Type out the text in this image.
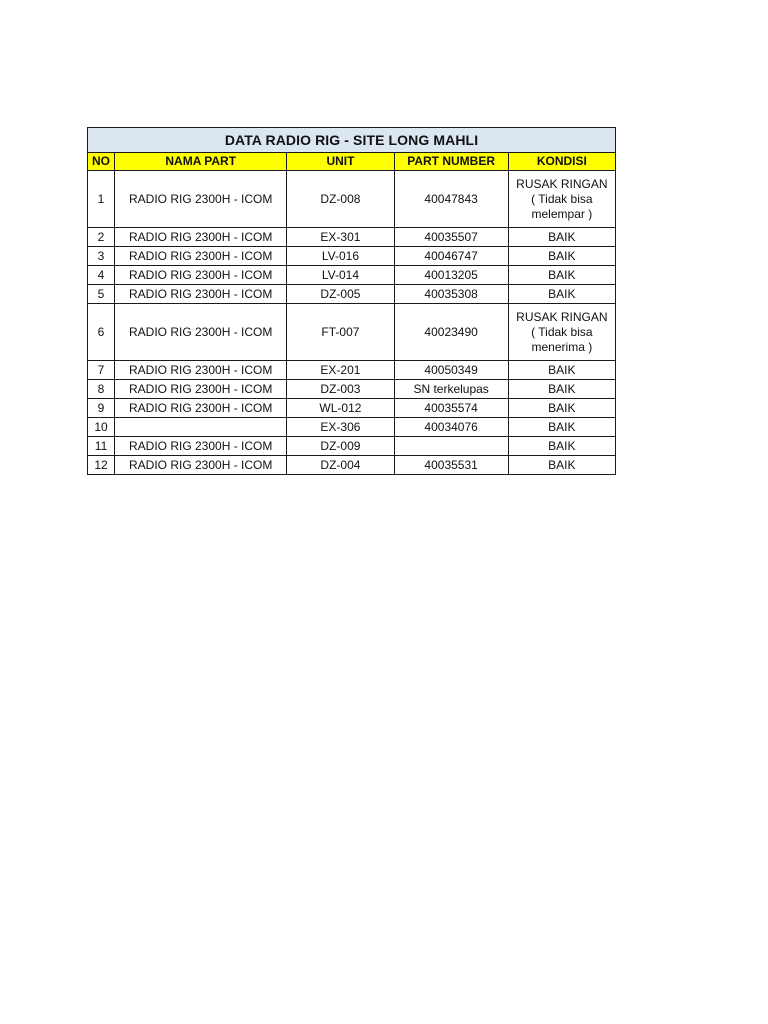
DATA RADIO RIG - SITE LONG MAHLI				
NO	NAMA PART	UNIT	PART NUMBER	KONDISI
1	RADIO RIG 2300H - ICOM	DZ-008	40047843	RUSAK RINGAN
( Tidak bisa
melempar )

2	RADIO RIG 2300H - ICOM	EX-301	40035507	BAIK

3	RADIO RIG 2300H - ICOM	LV-016	40046747	BAIK

4	RADIO RIG 2300H - ICOM	LV-014	40013205	BAIK

5	RADIO RIG 2300H - ICOM	DZ-005	40035308	BAIK

6	RADIO RIG 2300H - ICOM	FT-007	40023490	RUSAK RINGAN
( Tidak bisa
menerima )

7	RADIO RIG 2300H - ICOM	EX-201	40050349	BAIK

8	RADIO RIG 2300H - ICOM	DZ-003	SN terkelupas	BAIK

9	RADIO RIG 2300H - ICOM	WL-012	40035574	BAIK

10		EX-306	40034076	BAIK

11	RADIO RIG 2300H - ICOM	DZ-009		BAIK

12	RADIO RIG 2300H - ICOM	DZ-004	40035531	BAIK
